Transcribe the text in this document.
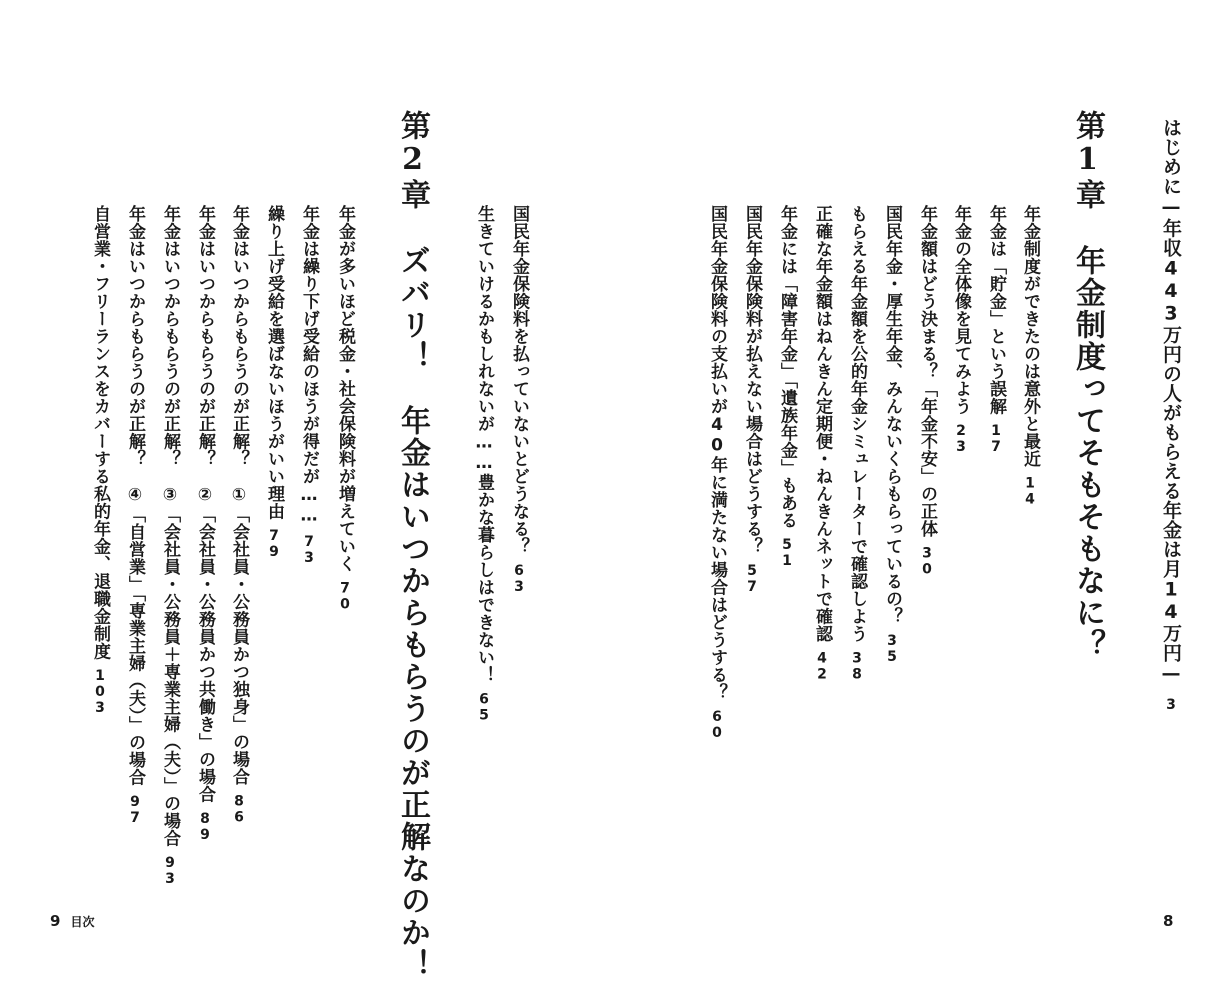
はじめに—年収443万円の人がもらえる年金は月14万円—3
第1章年金制度ってそもそもなに？
年金制度ができたのは意外と最近14
年金は「貯金」という誤解17
年金の全体像を見てみよう23
年金額はどう決まる？「年金不安」の正体30
国民年金・厚生年金、みんないくらもらっているの？35
もらえる年金額を公的年金シミュレーターで確認しよう38
正確な年金額はねんきん定期便・ねんきんネットで確認42
年金には「障害年金」「遺族年金」もある51
国民年金保険料が払えない場合はどうする？57
国民年金保険料の支払いが40年に満たない場合はどうする？60
国民年金保険料を払っていないとどうなる？63
生きていけるかもしれないが……豊かな暮らしはできない！65
第2章ズバリ！　年金はいつからもらうのが正解なのか！
年金が多いほど税金・社会保険料が増えていく70
年金は繰り下げ受給のほうが得だが……73
繰り上げ受給を選ばないほうがいい理由79
年金はいつからもらうのが正解？　①「会社員・公務員かつ独身」の場合86
年金はいつからもらうのが正解？　②「会社員・公務員かつ共働き」の場合89
年金はいつからもらうのが正解？　③「会社員・公務員＋専業主婦（夫）」の場合93
年金はいつからもらうのが正解？　④「自営業」「専業主婦（夫）」の場合97
自営業・フリーランスをカバーする私的年金、退職金制度103
9 目次	8
